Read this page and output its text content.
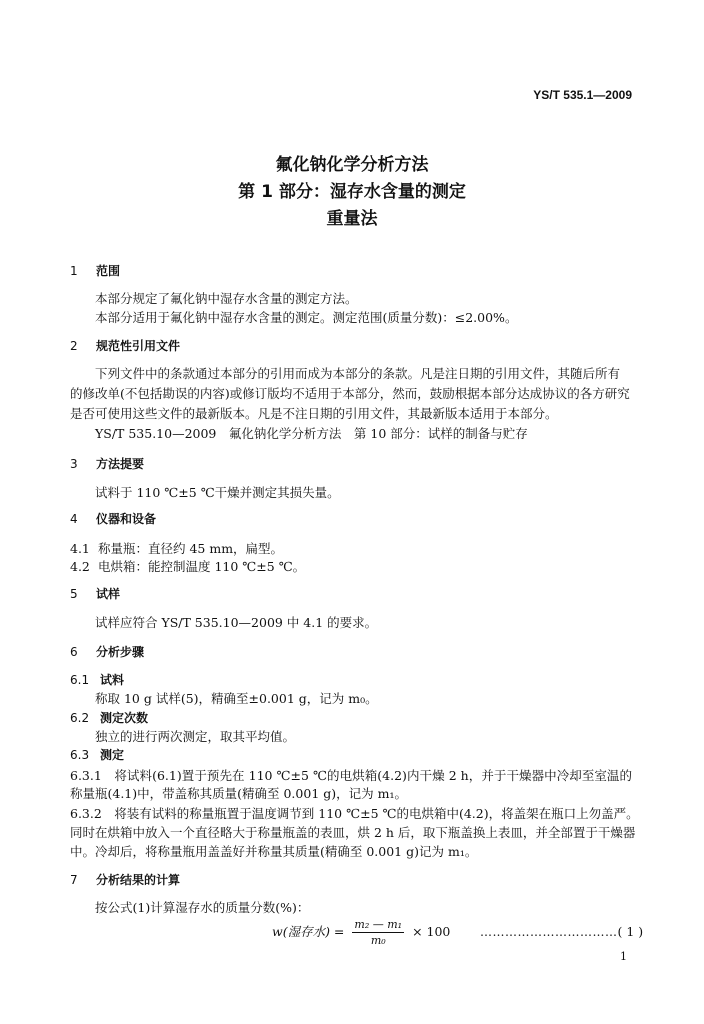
YS/T 535.1—2009
氟化钠化学分析方法
第 1 部分：湿存水含量的测定
重量法
1 范围
本部分规定了氟化钠中湿存水含量的测定方法。
本部分适用于氟化钠中湿存水含量的测定。测定范围(质量分数)：≤2.00%。
2 规范性引用文件
下列文件中的条款通过本部分的引用而成为本部分的条款。凡是注日期的引用文件，其随后所有
的修改单(不包括勘误的内容)或修订版均不适用于本部分，然而，鼓励根据本部分达成协议的各方研究
是否可使用这些文件的最新版本。凡是不注日期的引用文件，其最新版本适用于本部分。
YS/T 535.10—2009　氟化钠化学分析方法　第 10 部分：试样的制备与贮存
3 方法提要
试料于 110 ℃±5 ℃干燥并测定其损失量。
4 仪器和设备
4.1 称量瓶：直径约 45 mm，扁型。
4.2 电烘箱：能控制温度 110 ℃±5 ℃。
5 试样
试样应符合 YS/T 535.10—2009 中 4.1 的要求。
6 分析步骤
6.1 试料
称取 10 g 试样(5)，精确至±0.001 g，记为 m₀。
6.2 测定次数
独立的进行两次测定，取其平均值。
6.3 测定
6.3.1　将试料(6.1)置于预先在 110 ℃±5 ℃的电烘箱(4.2)内干燥 2 h，并于干燥器中冷却至室温的
称量瓶(4.1)中，带盖称其质量(精确至 0.001 g)，记为 m₁。
6.3.2　将装有试料的称量瓶置于温度调节到 110 ℃±5 ℃的电烘箱中(4.2)，将盖架在瓶口上勿盖严。
同时在烘箱中放入一个直径略大于称量瓶盖的表皿，烘 2 h 后，取下瓶盖换上表皿，并全部置于干燥器
中。冷却后，将称量瓶用盖盖好并称量其质量(精确至 0.001 g)记为 m₁。
7 分析结果的计算
按公式(1)计算湿存水的质量分数(%)：
w(湿存水) = $\frac{\text{m₂ — m₁}}{\text{m₀}} \times 100$ ……………………………( 1 )
1
